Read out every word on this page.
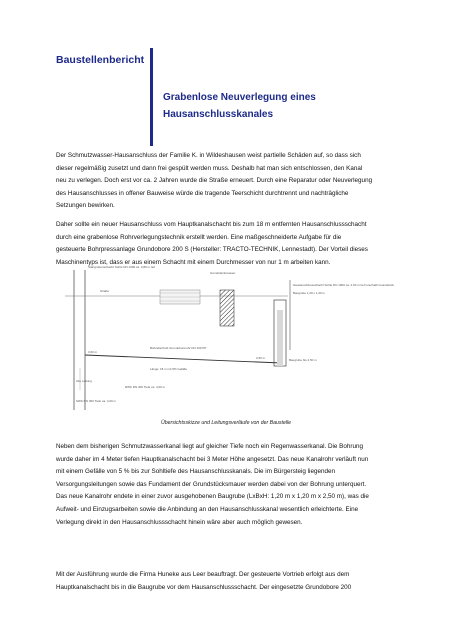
Baustellenbericht
Grabenlose Neuverlegung eines
Hausanschlusskanales
Der Schmutzwasser-Hausanschluss der Familie K. in Wildeshausen weist partielle Schäden auf, so dass sich
dieser regelmäßig zusetzt und dann frei gespült werden muss. Deshalb hat man sich entschlossen, den Kanal
neu zu verlegen. Doch erst vor ca. 2 Jahren wurde die Straße erneuert. Durch eine Reparatur oder Neuverlegung
des Hausanschlusses in offener Bauweise würde die tragende Teerschicht durchtrennt und nachträgliche
Setzungen bewirken.
Daher sollte ein neuer Hausanschluss vom Hauptkanalschacht bis zum 18 m entfernten Hausanschlussschacht
durch eine grabenlose Rohrverlegungstechnik erstellt werden. Eine maßgeschneiderte Aufgabe für die
gesteuerte Bohrpressanlage Grundobore 200 S (Hersteller: TRACTO-TECHNIK, Lennestadt). Der Vorteil dieses
Maschinentyps ist, dass er aus einem Schacht mit einem Durchmesser von nur 1 m arbeiten kann.
Startgrubenschacht Sohle DN 1000 ca. 3,80 m tief
Grundstücksmauer
Bohrabschnitt Grundoborerohr DN 160 PP
Länge: 18 m mit 5% Gefälle
3,00 m
2,50 m	Baugrube bis 2,50 m
Hausanschlussschacht Sohle DN 1000 ca. 2,60 m tief innerhalb Grundstück
Baugrube 1,20 x 1,20 m
Straße
Alte Leitung
SWK DN 300 Tiefe ca. 4,00 m
RWK DN 300 Tiefe ca. 4,00 m
Übersichtsskizze und Leitungsverläufe von der Baustelle
Neben dem bisherigen Schmutzwasserkanal liegt auf gleicher Tiefe noch ein Regenwasserkanal. Die Bohrung
wurde daher im 4 Meter tiefen Hauptkanalschacht bei 3 Meter Höhe angesetzt. Das neue Kanalrohr verläuft nun
mit einem Gefälle von 5 % bis zur Sohltiefe des Hausanschlusskanals. Die im Bürgersteig liegenden
Versorgungsleitungen sowie das Fundament der Grundstücksmauer werden dabei von der Bohrung unterquert.
Das neue Kanalrohr endete in einer zuvor ausgehobenen Baugrube (LxBxH: 1,20 m x 1,20 m x 2,50 m), was die
Aufweit- und Einzugsarbeiten sowie die Anbindung an den Hausanschlusskanal wesentlich erleichterte. Eine
Verlegung direkt in den Hausanschlussschacht hinein wäre aber auch möglich gewesen.
Mit der Ausführung wurde die Firma Huneke aus Leer beauftragt. Der gesteuerte Vortrieb erfolgt aus dem
Hauptkanalschacht bis in die Baugrube vor dem Hausanschlussschacht. Der eingesetzte Grundobore 200
